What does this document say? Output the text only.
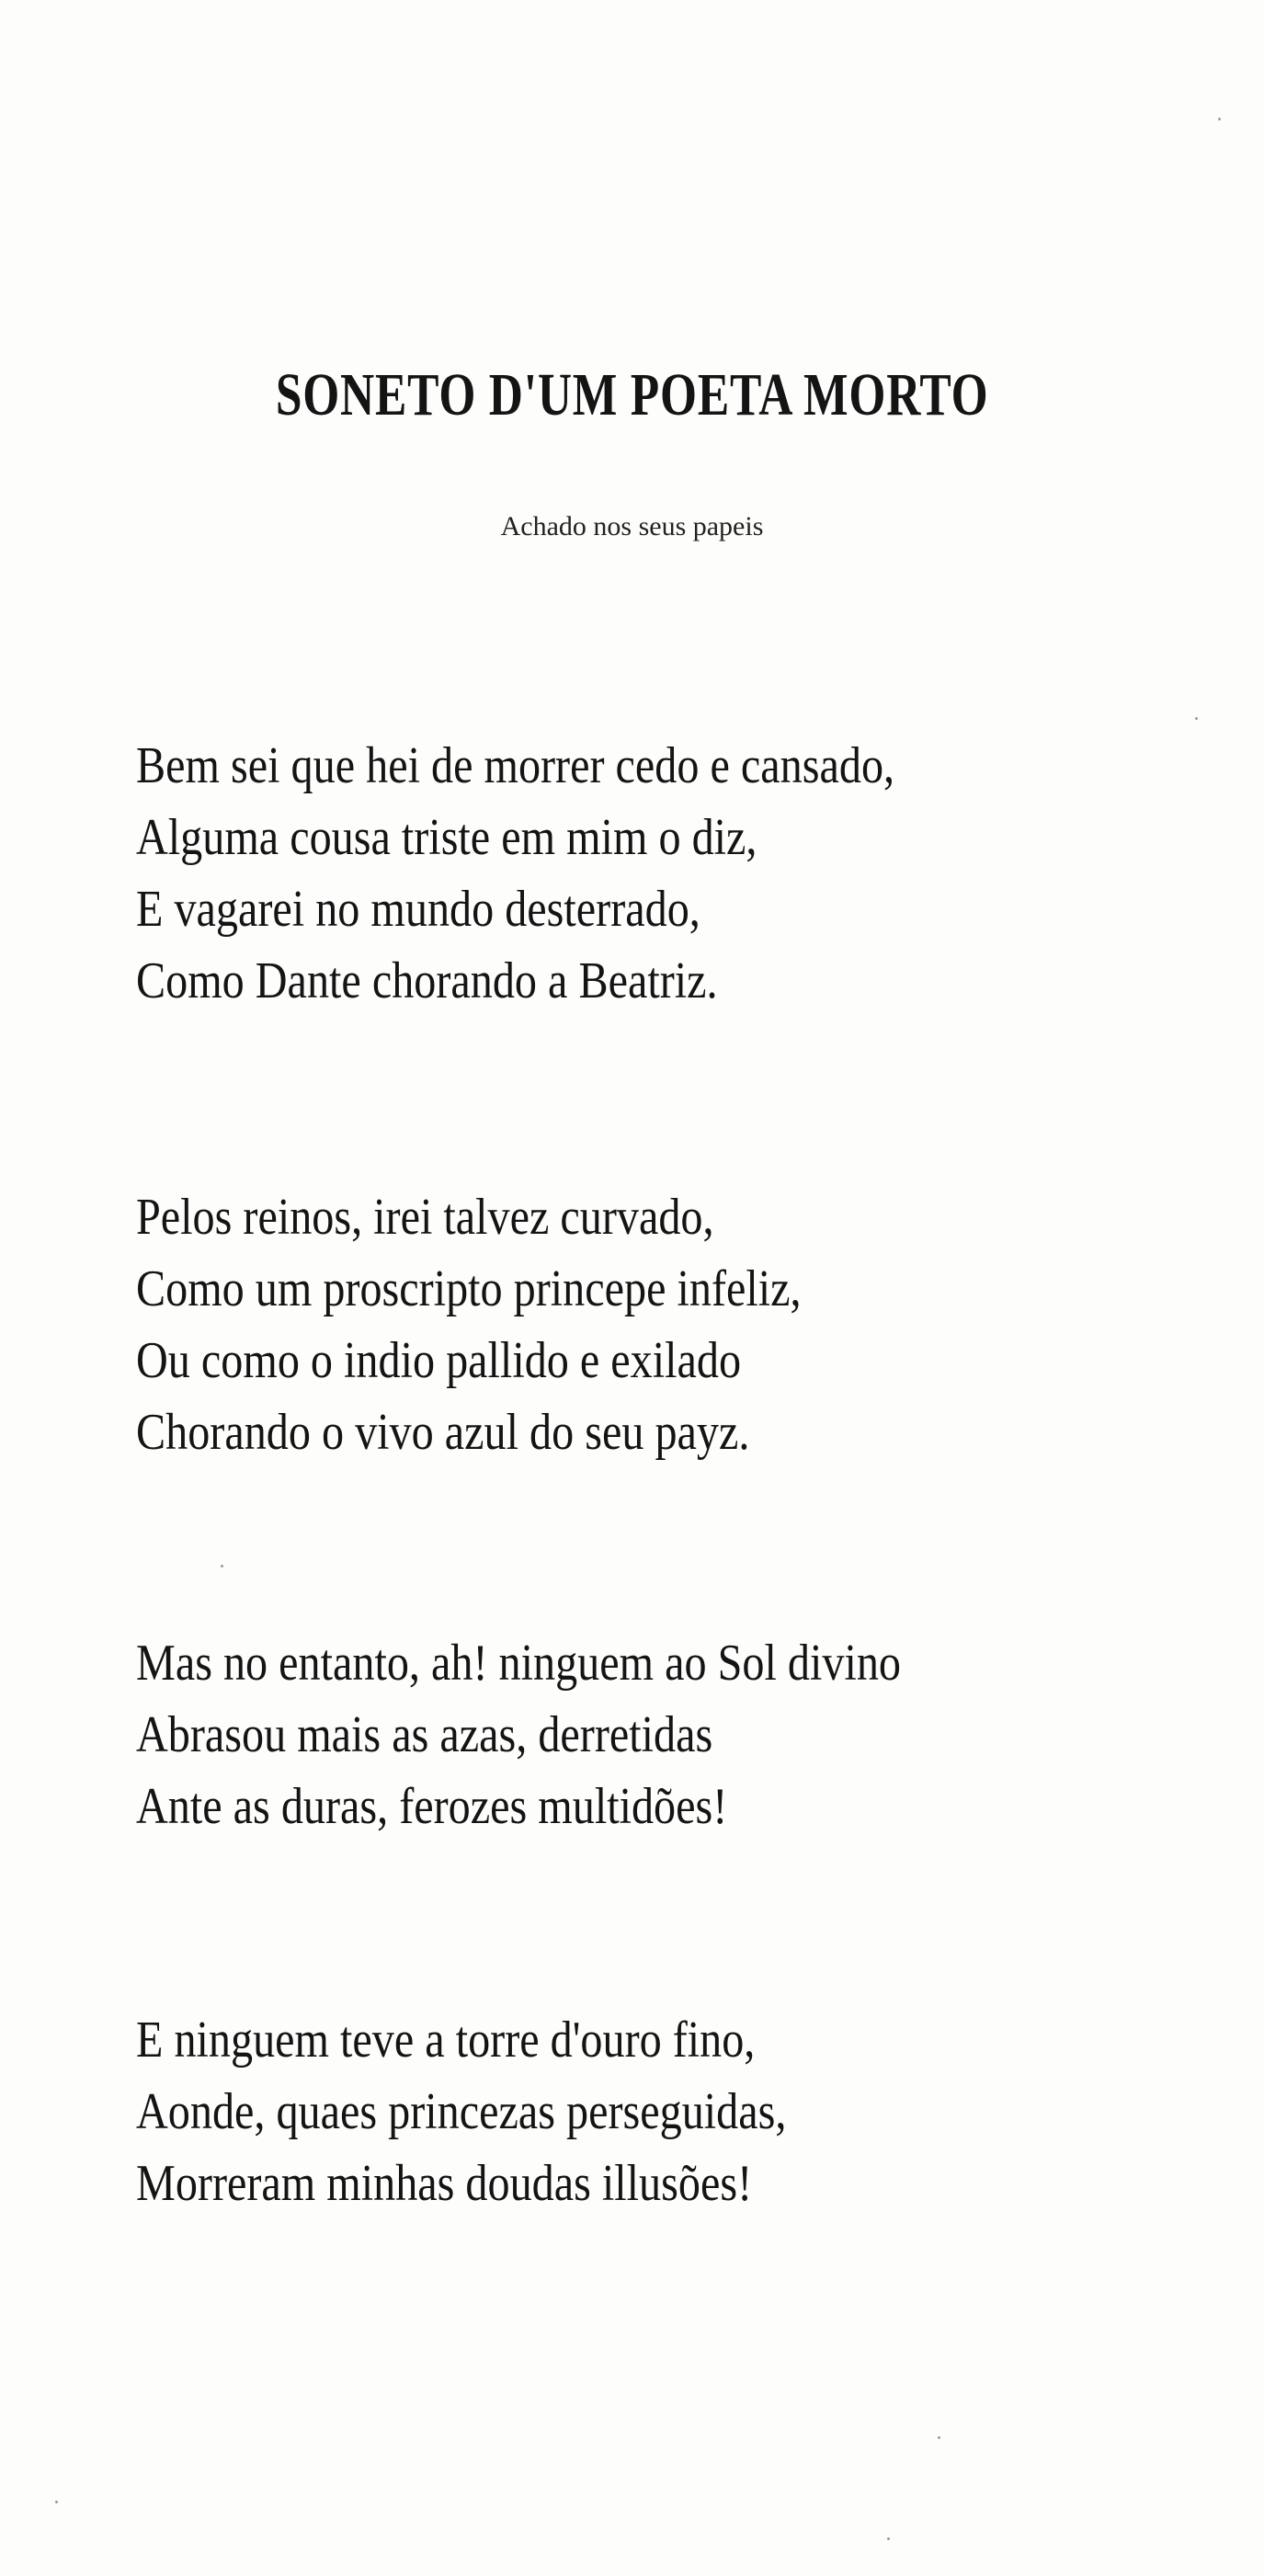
SONETO D'UM POETA MORTO
Achado nos seus papeis
Bem sei que hei de morrer cedo e cansado,
Alguma cousa triste em mim o diz,
E vagarei no mundo desterrado,
Como Dante chorando a Beatriz.
Pelos reinos, irei talvez curvado,
Como um proscripto princepe infeliz,
Ou como o indio pallido e exilado
Chorando o vivo azul do seu payz.
Mas no entanto, ah! ninguem ao Sol divino
Abrasou mais as azas, derretidas
Ante as duras, ferozes multidões!
E ninguem teve a torre d'ouro fino,
Aonde, quaes princezas perseguidas,
Morreram minhas doudas illusões!
